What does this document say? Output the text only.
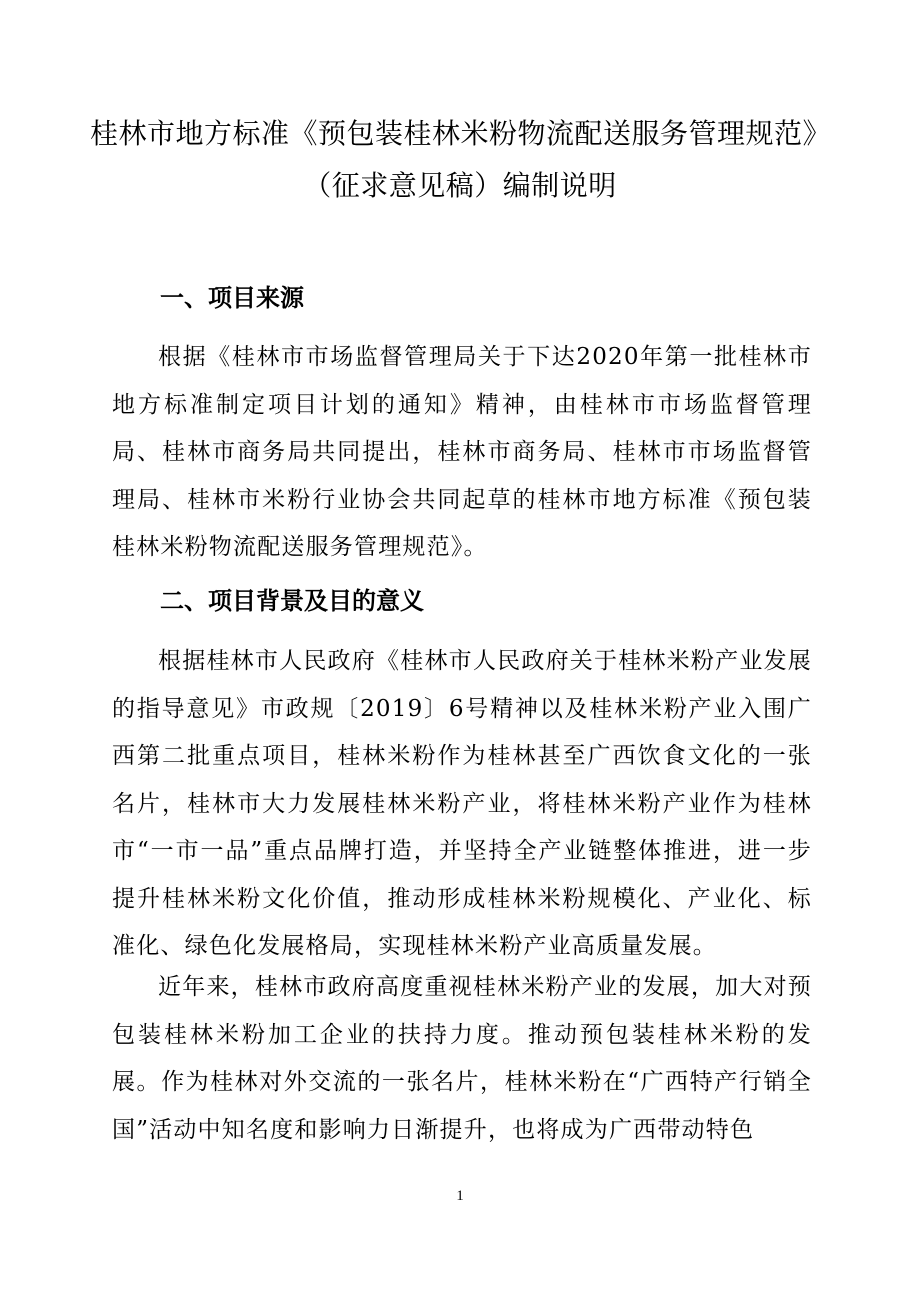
桂林市地方标准《预包装桂林米粉物流配送服务管理规范》
（征求意见稿）编制说明
一、项目来源
根据《桂林市市场监督管理局关于下达2020年第一批桂林市地方标准制定项目计划的通知》精神，由桂林市市场监督管理局、桂林市商务局共同提出，桂林市商务局、桂林市市场监督管理局、桂林市米粉行业协会共同起草的桂林市地方标准《预包装桂林米粉物流配送服务管理规范》。
二、项目背景及目的意义
根据桂林市人民政府《桂林市人民政府关于桂林米粉产业发展的指导意见》市政规〔2019〕6号精神以及桂林米粉产业入围广西第二批重点项目，桂林米粉作为桂林甚至广西饮食文化的一张名片，桂林市大力发展桂林米粉产业，将桂林米粉产业作为桂林市“一市一品”重点品牌打造，并坚持全产业链整体推进，进一步提升桂林米粉文化价值，推动形成桂林米粉规模化、产业化、标准化、绿色化发展格局，实现桂林米粉产业高质量发展。
近年来，桂林市政府高度重视桂林米粉产业的发展，加大对预包装桂林米粉加工企业的扶持力度。推动预包装桂林米粉的发展。作为桂林对外交流的一张名片，桂林米粉在“广西特产行销全国”活动中知名度和影响力日渐提升，也将成为广西带动特色
1
